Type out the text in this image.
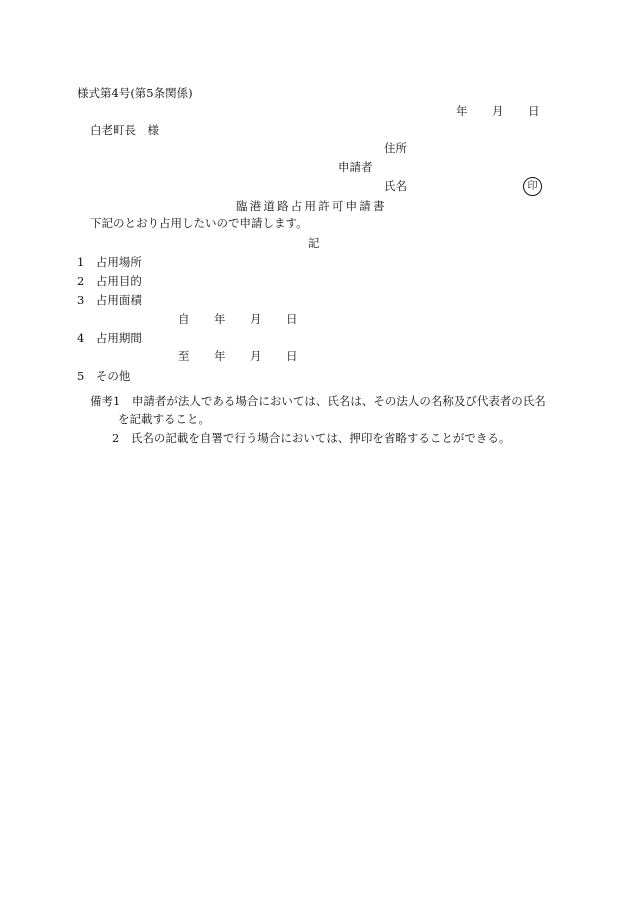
様式第4号(第5条関係)
年 月 日
白老町長　様
住所
申請者
氏名	印
臨港道路占用許可申請書
下記のとおり占用したいので申請します。
記
1　占用場所
2　占用目的
3　占用面積
自 年 月 日
4　占用期間
至 年 月 日
5　その他
備考1　申請者が法人である場合においては、氏名は、その法人の名称及び代表者の氏名
を記載すること。
2　氏名の記載を自署で行う場合においては、押印を省略することができる。
